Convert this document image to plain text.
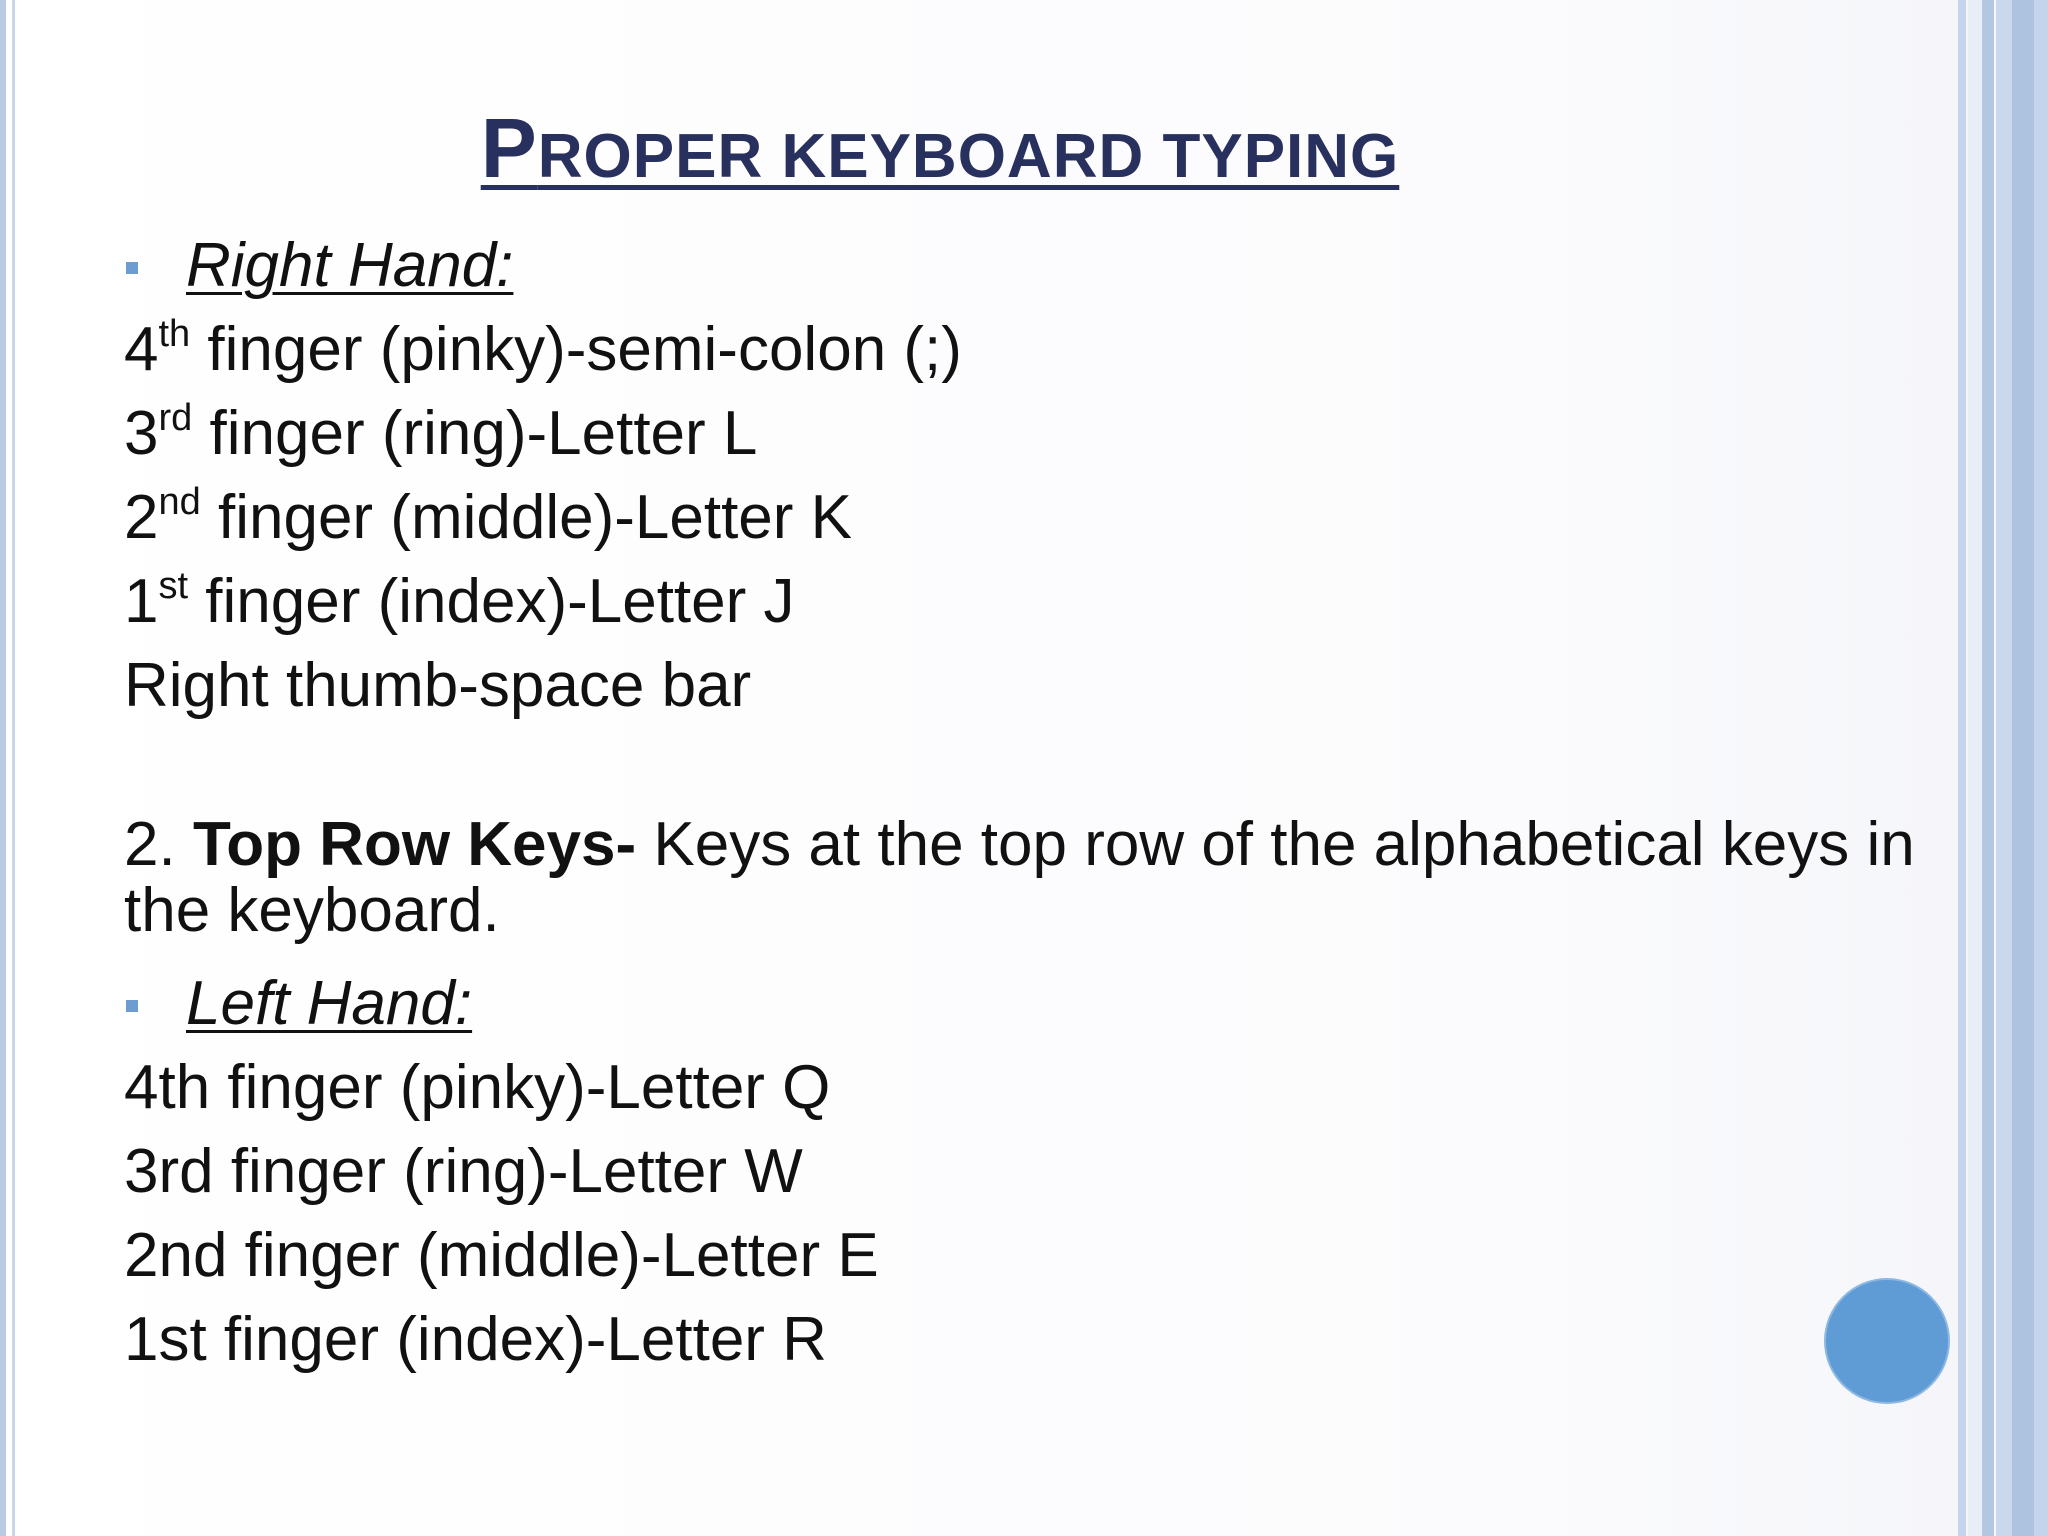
PROPER KEYBOARD TYPING
Right Hand:
4th finger (pinky)-semi-colon (;)
3rd finger (ring)-Letter L
2nd finger (middle)-Letter K
1st finger (index)-Letter J
Right thumb-space bar
2. Top Row Keys- Keys at the top row of the alphabetical keys in the keyboard.
Left Hand:
4th finger (pinky)-Letter Q
3rd finger (ring)-Letter W
2nd finger (middle)-Letter E
1st finger (index)-Letter R
